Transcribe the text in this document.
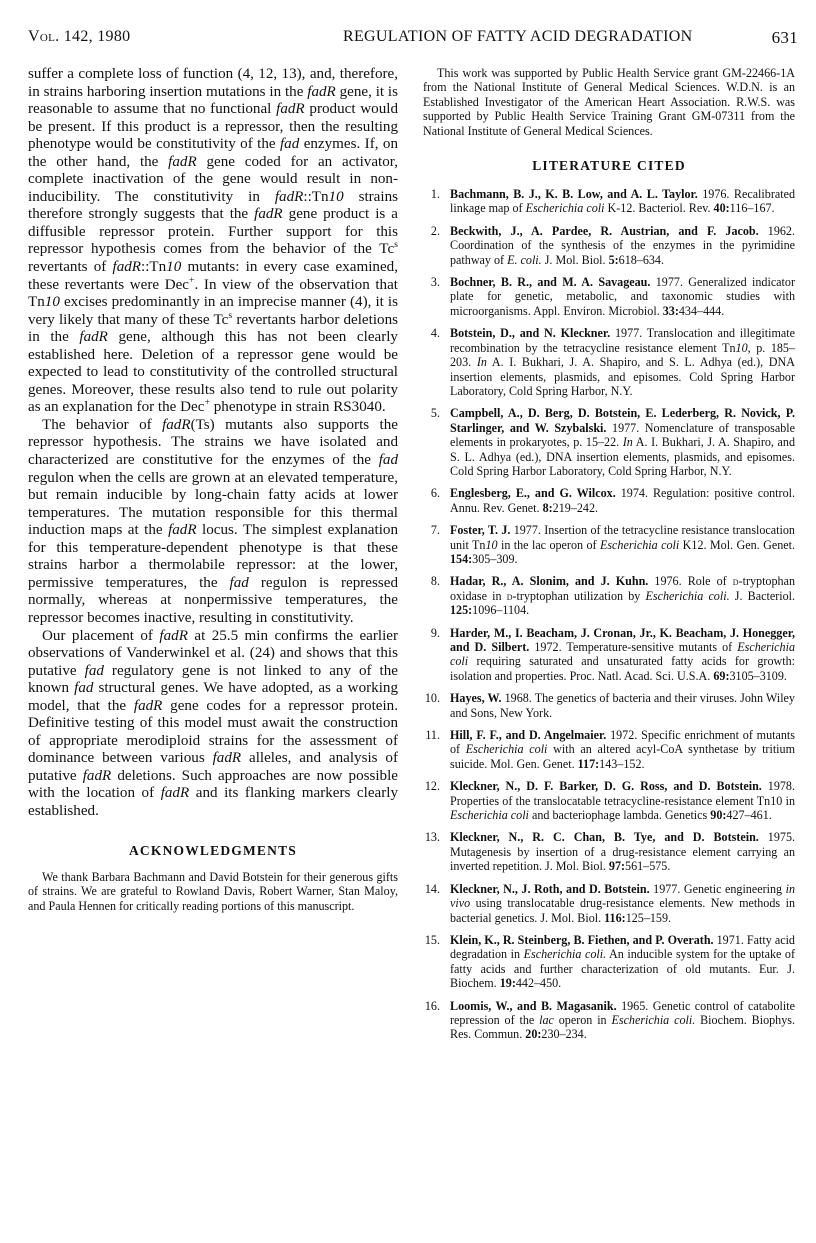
Vol. 142, 1980	REGULATION OF FATTY ACID DEGRADATION	631

suffer a complete loss of function (4, 12, 13), and, therefore, in strains harboring insertion mutations in the fadR gene, it is reasonable to assume that no functional fadR product would be present. If this product is a repressor, then the resulting phenotype would be constitutivity of the fad enzymes. If, on the other hand, the fadR gene coded for an activator, complete inactivation of the gene would result in non-inducibility. The constitutivity in fadR::Tn10 strains therefore strongly suggests that the fadR gene product is a diffusible repressor protein. Further support for this repressor hypothesis comes from the behavior of the Tc$^s$ revertants of fadR::Tn10 mutants: in every case examined, these revertants were Dec+. In view of the observation that Tn10 excises predominantly in an imprecise manner (4), it is very likely that many of these Tc$^s$ revertants harbor deletions in the fadR gene, although this has not been clearly established here. Deletion of a repressor gene would be expected to lead to constitutivity of the controlled structural genes. Moreover, these results also tend to rule out polarity as an explanation for the Dec+ phenotype in strain RS3040.

The behavior of fadR(Ts) mutants also supports the repressor hypothesis. The strains we have isolated and characterized are constitutive for the enzymes of the fad regulon when the cells are grown at an elevated temperature, but remain inducible by long-chain fatty acids at lower temperatures. The mutation responsible for this thermal induction maps at the fadR locus. The simplest explanation for this temperature-dependent phenotype is that these strains harbor a thermolabile repressor: at the lower, permissive temperatures, the fad regulon is repressed normally, whereas at nonpermissive temperatures, the repressor becomes inactive, resulting in constitutivity.

Our placement of fadR at 25.5 min confirms the earlier observations of Vanderwinkel et al. (24) and shows that this putative fad regulatory gene is not linked to any of the known fad structural genes. We have adopted, as a working model, that the fadR gene codes for a repressor protein. Definitive testing of this model must await the construction of appropriate merodiploid strains for the assessment of dominance between various fadR alleles, and analysis of putative fadR deletions. Such approaches are now possible with the location of fadR and its flanking markers clearly established.

ACKNOWLEDGMENTS

We thank Barbara Bachmann and David Botstein for their generous gifts of strains. We are grateful to Rowland Davis, Robert Warner, Stan Maloy, and Paula Hennen for critically reading portions of this manuscript.

This work was supported by Public Health Service grant GM-22466-1A from the National Institute of General Medical Sciences. W.D.N. is an Established Investigator of the American Heart Association. R.W.S. was supported by Public Health Service Training Grant GM-07311 from the National Institute of General Medical Sciences.

LITERATURE CITED
1. Bachmann, B. J., K. B. Low, and A. L. Taylor. 1976. Recalibrated linkage map of Escherichia coli K-12. Bacteriol. Rev. 40:116–167.
2. Beckwith, J., A. Pardee, R. Austrian, and F. Jacob. 1962. Coordination of the synthesis of the enzymes in the pyrimidine pathway of E. coli. J. Mol. Biol. 5:618–634.
3. Bochner, B. R., and M. A. Savageau. 1977. Generalized indicator plate for genetic, metabolic, and taxonomic studies with microorganisms. Appl. Environ. Microbiol. 33:434–444.
4. Botstein, D., and N. Kleckner. 1977. Translocation and illegitimate recombination by the tetracycline resistance element Tn10, p. 185–203. In A. I. Bukhari, J. A. Shapiro, and S. L. Adhya (ed.), DNA insertion elements, plasmids, and episomes. Cold Spring Harbor Laboratory, Cold Spring Harbor, N.Y.
5. Campbell, A., D. Berg, D. Botstein, E. Lederberg, R. Novick, P. Starlinger, and W. Szybalski. 1977. Nomenclature of transposable elements in prokaryotes, p. 15–22. In A. I. Bukhari, J. A. Shapiro, and S. L. Adhya (ed.), DNA insertion elements, plasmids, and episomes. Cold Spring Harbor Laboratory, Cold Spring Harbor, N.Y.
6. Englesberg, E., and G. Wilcox. 1974. Regulation: positive control. Annu. Rev. Genet. 8:219–242.
7. Foster, T. J. 1977. Insertion of the tetracycline resistance translocation unit Tn10 in the lac operon of Escherichia coli K12. Mol. Gen. Genet. 154:305–309.
8. Hadar, R., A. Slonim, and J. Kuhn. 1976. Role of d-tryptophan oxidase in d-tryptophan utilization by Escherichia coli. J. Bacteriol. 125:1096–1104.
9. Harder, M., I. Beacham, J. Cronan, Jr., K. Beacham, J. Honegger, and D. Silbert. 1972. Temperature-sensitive mutants of Escherichia coli requiring saturated and unsaturated fatty acids for growth: isolation and properties. Proc. Natl. Acad. Sci. U.S.A. 69:3105–3109.
10. Hayes, W. 1968. The genetics of bacteria and their viruses. John Wiley and Sons, New York.
11. Hill, F. F., and D. Angelmaier. 1972. Specific enrichment of mutants of Escherichia coli with an altered acyl-CoA synthetase by tritium suicide. Mol. Gen. Genet. 117:143–152.
12. Kleckner, N., D. F. Barker, D. G. Ross, and D. Botstein. 1978. Properties of the translocatable tetracycline-resistance element Tn10 in Escherichia coli and bacteriophage lambda. Genetics 90:427–461.
13. Kleckner, N., R. C. Chan, B. Tye, and D. Botstein. 1975. Mutagenesis by insertion of a drug-resistance element carrying an inverted repetition. J. Mol. Biol. 97:561–575.
14. Kleckner, N., J. Roth, and D. Botstein. 1977. Genetic engineering in vivo using translocatable drug-resistance elements. New methods in bacterial genetics. J. Mol. Biol. 116:125–159.
15. Klein, K., R. Steinberg, B. Fiethen, and P. Overath. 1971. Fatty acid degradation in Escherichia coli. An inducible system for the uptake of fatty acids and further characterization of old mutants. Eur. J. Biochem. 19:442–450.
16. Loomis, W., and B. Magasanik. 1965. Genetic control of catabolite repression of the lac operon in Escherichia coli. Biochem. Biophys. Res. Commun. 20:230–234.
